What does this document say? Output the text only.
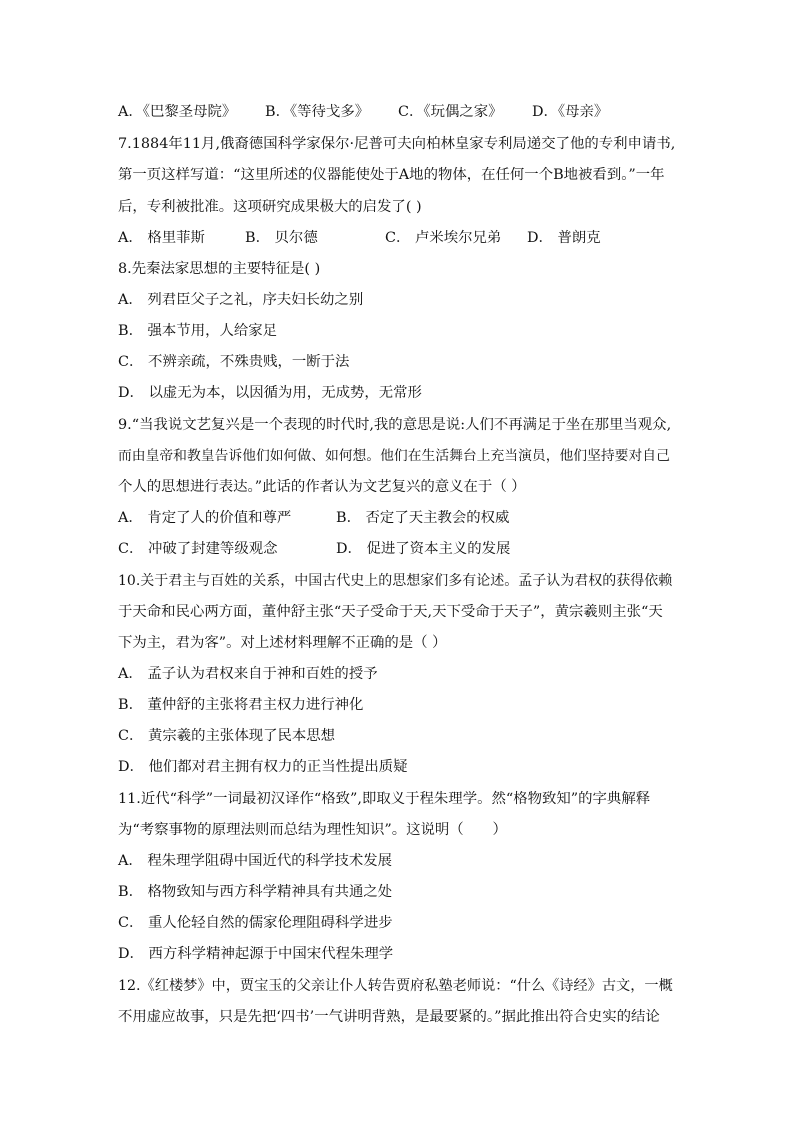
A．《巴黎圣母院》 B．《等待戈多》 C．《玩偶之家》 D．《母亲》
7.1884年11月,俄裔德国科学家保尔·尼普可夫向柏林皇家专利局递交了他的专利申请书,
第一页这样写道：“这里所述的仪器能使处于A地的物体，在任何一个B地被看到。”一年
后，专利被批准。这项研究成果极大的启发了( )
A． 格里菲斯	B． 贝尔德	C． 卢米埃尔兄弟 D． 普朗克
8.先秦法家思想的主要特征是( )
A． 列君臣父子之礼，序夫妇长幼之别
B． 强本节用，人给家足
C． 不辨亲疏，不殊贵贱，一断于法
D． 以虚无为本，以因循为用，无成势，无常形
9.“当我说文艺复兴是一个表现的时代时,我的意思是说:人们不再满足于坐在那里当观众,
而由皇帝和教皇告诉他们如何做、如何想。他们在生活舞台上充当演员，他们坚持要对自己
个人的思想进行表达。”此话的作者认为文艺复兴的意义在于（ ）
A． 肯定了人的价值和尊严	B． 否定了天主教会的权威
C． 冲破了封建等级观念	D． 促进了资本主义的发展
10.关于君主与百姓的关系，中国古代史上的思想家们多有论述。孟子认为君权的获得依赖
于天命和民心两方面，董仲舒主张“天子受命于天,天下受命于天子”，黄宗羲则主张“天
下为主，君为客”。对上述材料理解不正确的是（ ）
A． 孟子认为君权来自于神和百姓的授予
B． 董仲舒的主张将君主权力进行神化
C． 黄宗羲的主张体现了民本思想
D． 他们都对君主拥有权力的正当性提出质疑
11.近代“科学”一词最初汉译作“格致”,即取义于程朱理学。然“格物致知”的字典解释
为“考察事物的原理法则而总结为理性知识”。这说明（　　）
A． 程朱理学阻碍中国近代的科学技术发展
B． 格物致知与西方科学精神具有共通之处
C． 重人伦轻自然的儒家伦理阻碍科学进步
D． 西方科学精神起源于中国宋代程朱理学
12.《红楼梦》中，贾宝玉的父亲让仆人转告贾府私塾老师说：“什么《诗经》古文，一概
不用虚应故事，只是先把‘四书’一气讲明背熟，是最要紧的。”据此推出符合史实的结论
